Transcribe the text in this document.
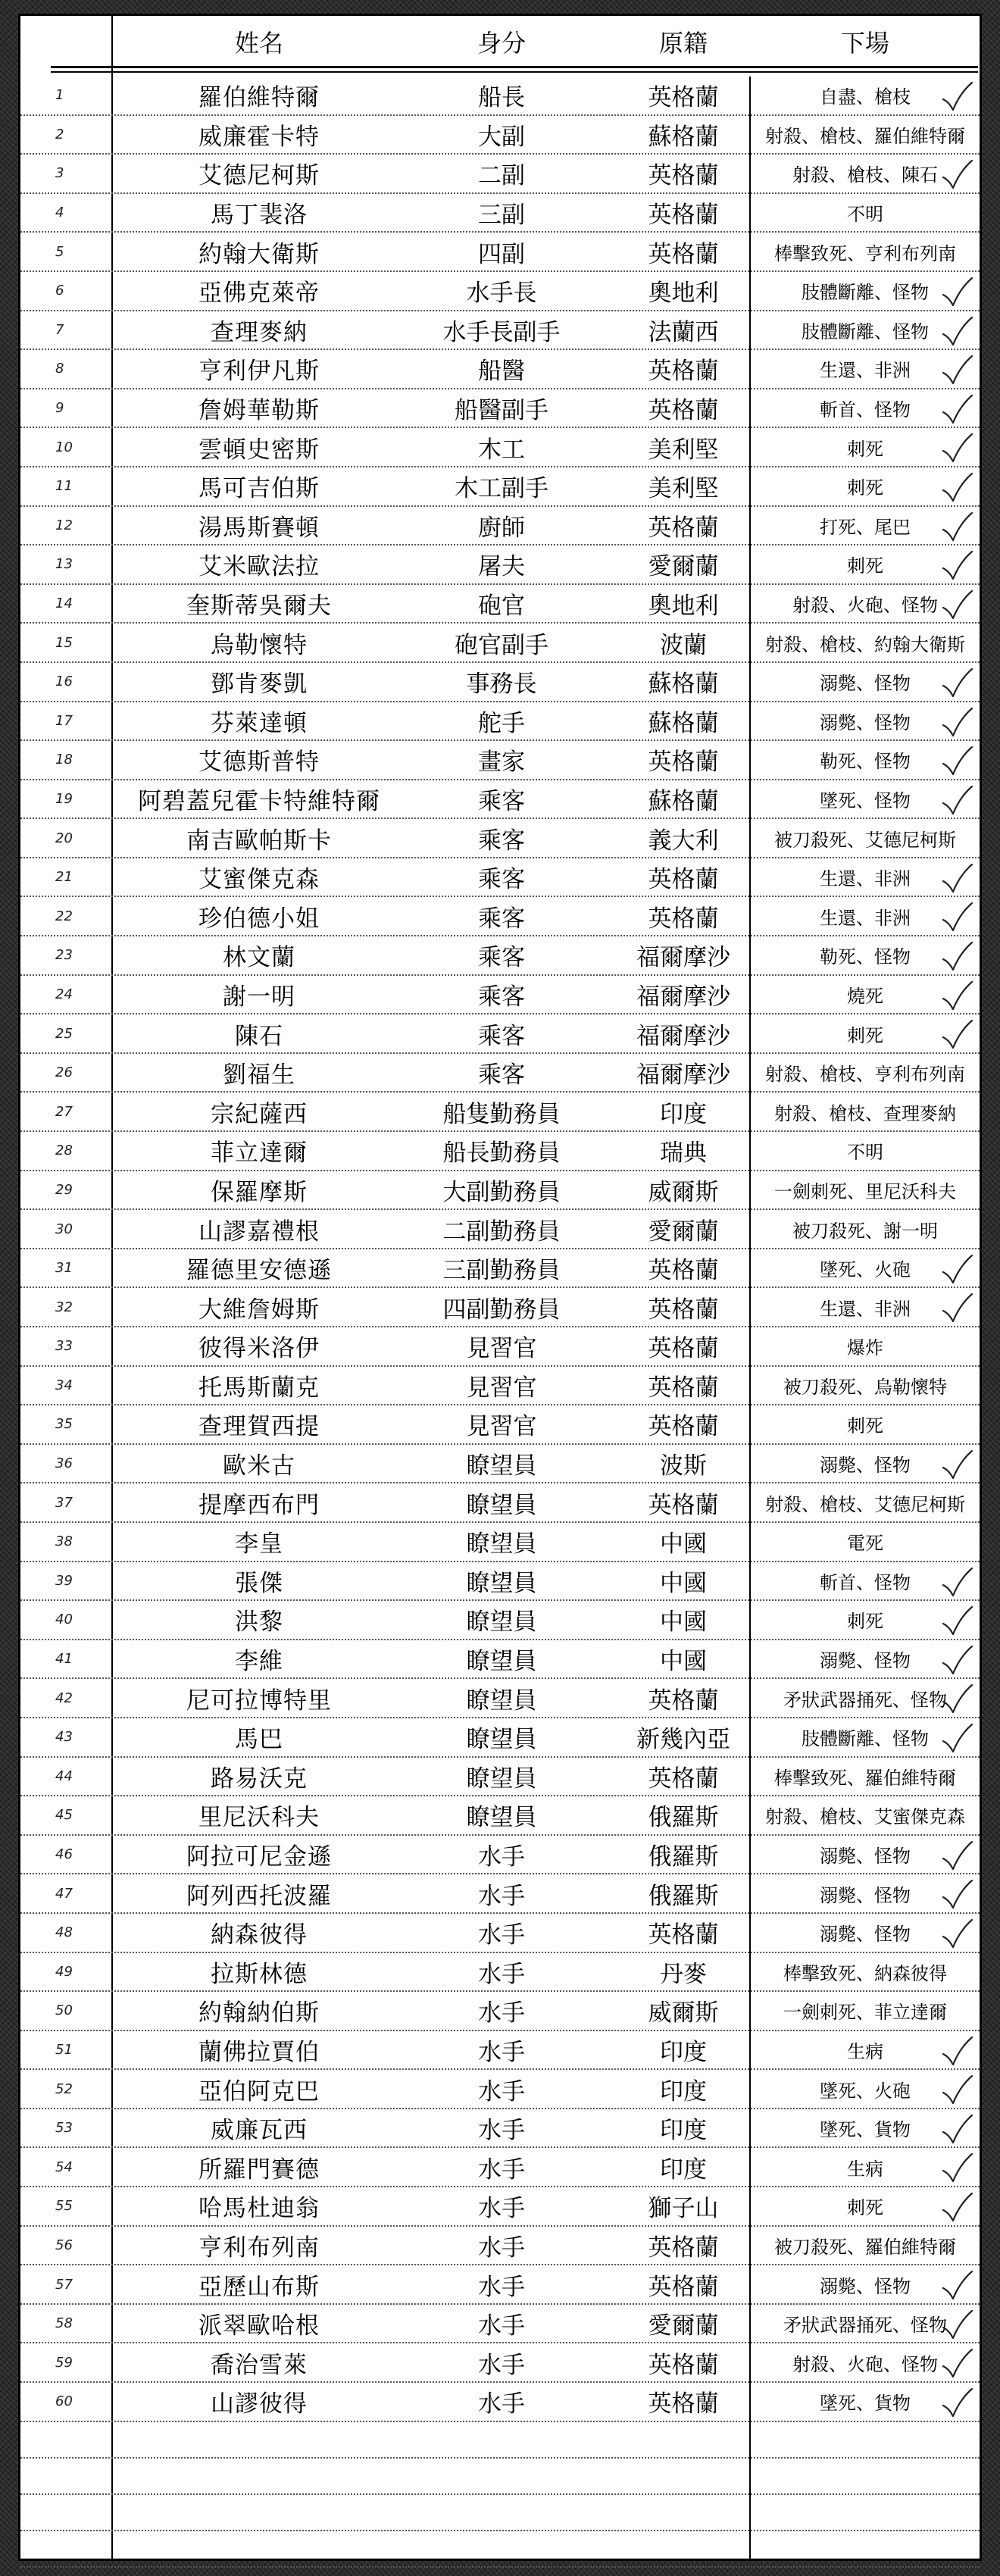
姓名	身分	原籍	下場
1	羅伯維特爾	船長	英格蘭	自盡、槍枝
2	威廉霍卡特	大副	蘇格蘭	射殺、槍枝、羅伯維特爾
3	艾德尼柯斯	二副	英格蘭	射殺、槍枝、陳石
4	馬丁裴洛	三副	英格蘭	不明
5	約翰大衛斯	四副	英格蘭	棒擊致死、亨利布列南
6	亞佛克萊帝	水手長	奧地利	肢體斷離、怪物
7	查理麥納	水手長副手	法蘭西	肢體斷離、怪物
8	亨利伊凡斯	船醫	英格蘭	生還、非洲
9	詹姆華勒斯	船醫副手	英格蘭	斬首、怪物
10	雲頓史密斯	木工	美利堅	刺死
11	馬可吉伯斯	木工副手	美利堅	刺死
12	湯馬斯賽頓	廚師	英格蘭	打死、尾巴
13	艾米歐法拉	屠夫	愛爾蘭	刺死
14	奎斯蒂吳爾夫	砲官	奧地利	射殺、火砲、怪物
15	烏勒懷特	砲官副手	波蘭	射殺、槍枝、約翰大衛斯
16	鄧肯麥凱	事務長	蘇格蘭	溺斃、怪物
17	芬萊達頓	舵手	蘇格蘭	溺斃、怪物
18	艾德斯普特	畫家	英格蘭	勒死、怪物
19	阿碧蓋兒霍卡特維特爾	乘客	蘇格蘭	墜死、怪物
20	南吉歐帕斯卡	乘客	義大利	被刀殺死、艾德尼柯斯
21	艾蜜傑克森	乘客	英格蘭	生還、非洲
22	珍伯德小姐	乘客	英格蘭	生還、非洲
23	林文蘭	乘客	福爾摩沙	勒死、怪物
24	謝一明	乘客	福爾摩沙	燒死
25	陳石	乘客	福爾摩沙	刺死
26	劉福生	乘客	福爾摩沙	射殺、槍枝、亨利布列南
27	宗紀薩西	船隻勤務員	印度	射殺、槍枝、查理麥納
28	菲立達爾	船長勤務員	瑞典	不明
29	保羅摩斯	大副勤務員	威爾斯	一劍刺死、里尼沃科夫
30	山謬嘉禮根	二副勤務員	愛爾蘭	被刀殺死、謝一明
31	羅德里安德遜	三副勤務員	英格蘭	墜死、火砲
32	大維詹姆斯	四副勤務員	英格蘭	生還、非洲
33	彼得米洛伊	見習官	英格蘭	爆炸
34	托馬斯蘭克	見習官	英格蘭	被刀殺死、烏勒懷特
35	查理賀西提	見習官	英格蘭	刺死
36	歐米古	瞭望員	波斯	溺斃、怪物
37	提摩西布門	瞭望員	英格蘭	射殺、槍枝、艾德尼柯斯
38	李皇	瞭望員	中國	電死
39	張傑	瞭望員	中國	斬首、怪物
40	洪黎	瞭望員	中國	刺死
41	李維	瞭望員	中國	溺斃、怪物
42	尼可拉博特里	瞭望員	英格蘭	矛狀武器捅死、怪物
43	馬巴	瞭望員	新幾內亞	肢體斷離、怪物
44	路易沃克	瞭望員	英格蘭	棒擊致死、羅伯維特爾
45	里尼沃科夫	瞭望員	俄羅斯	射殺、槍枝、艾蜜傑克森
46	阿拉可尼金遜	水手	俄羅斯	溺斃、怪物
47	阿列西托波羅	水手	俄羅斯	溺斃、怪物
48	納森彼得	水手	英格蘭	溺斃、怪物
49	拉斯林德	水手	丹麥	棒擊致死、納森彼得
50	約翰納伯斯	水手	威爾斯	一劍刺死、菲立達爾
51	蘭佛拉賈伯	水手	印度	生病
52	亞伯阿克巴	水手	印度	墜死、火砲
53	威廉瓦西	水手	印度	墜死、貨物
54	所羅門賽德	水手	印度	生病
55	哈馬杜迪翁	水手	獅子山	刺死
56	亨利布列南	水手	英格蘭	被刀殺死、羅伯維特爾
57	亞歷山布斯	水手	英格蘭	溺斃、怪物
58	派翠歐哈根	水手	愛爾蘭	矛狀武器捅死、怪物
59	喬治雪萊	水手	英格蘭	射殺、火砲、怪物
60	山謬彼得	水手	英格蘭	墜死、貨物
